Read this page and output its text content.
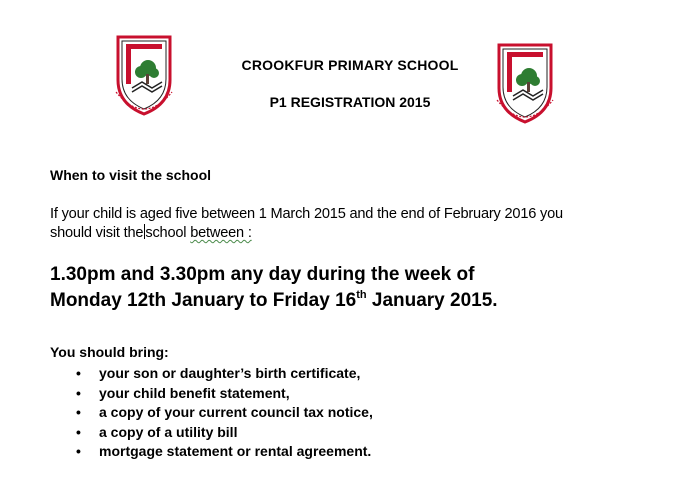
CROOKFUR PRIMARY SCHOOL
P1 REGISTRATION 2015
When to visit the school
If your child is aged five between 1 March 2015 and the end of February 2016 you
should visit the school between :
1.30pm and 3.30pm any day during the week of
Monday 12th January to Friday 16th January 2015.
You should bring:
• your son or daughter’s birth certificate,
• your child benefit statement,
• a copy of your current council tax notice,
• a copy of a utility bill
• mortgage statement or rental agreement.
